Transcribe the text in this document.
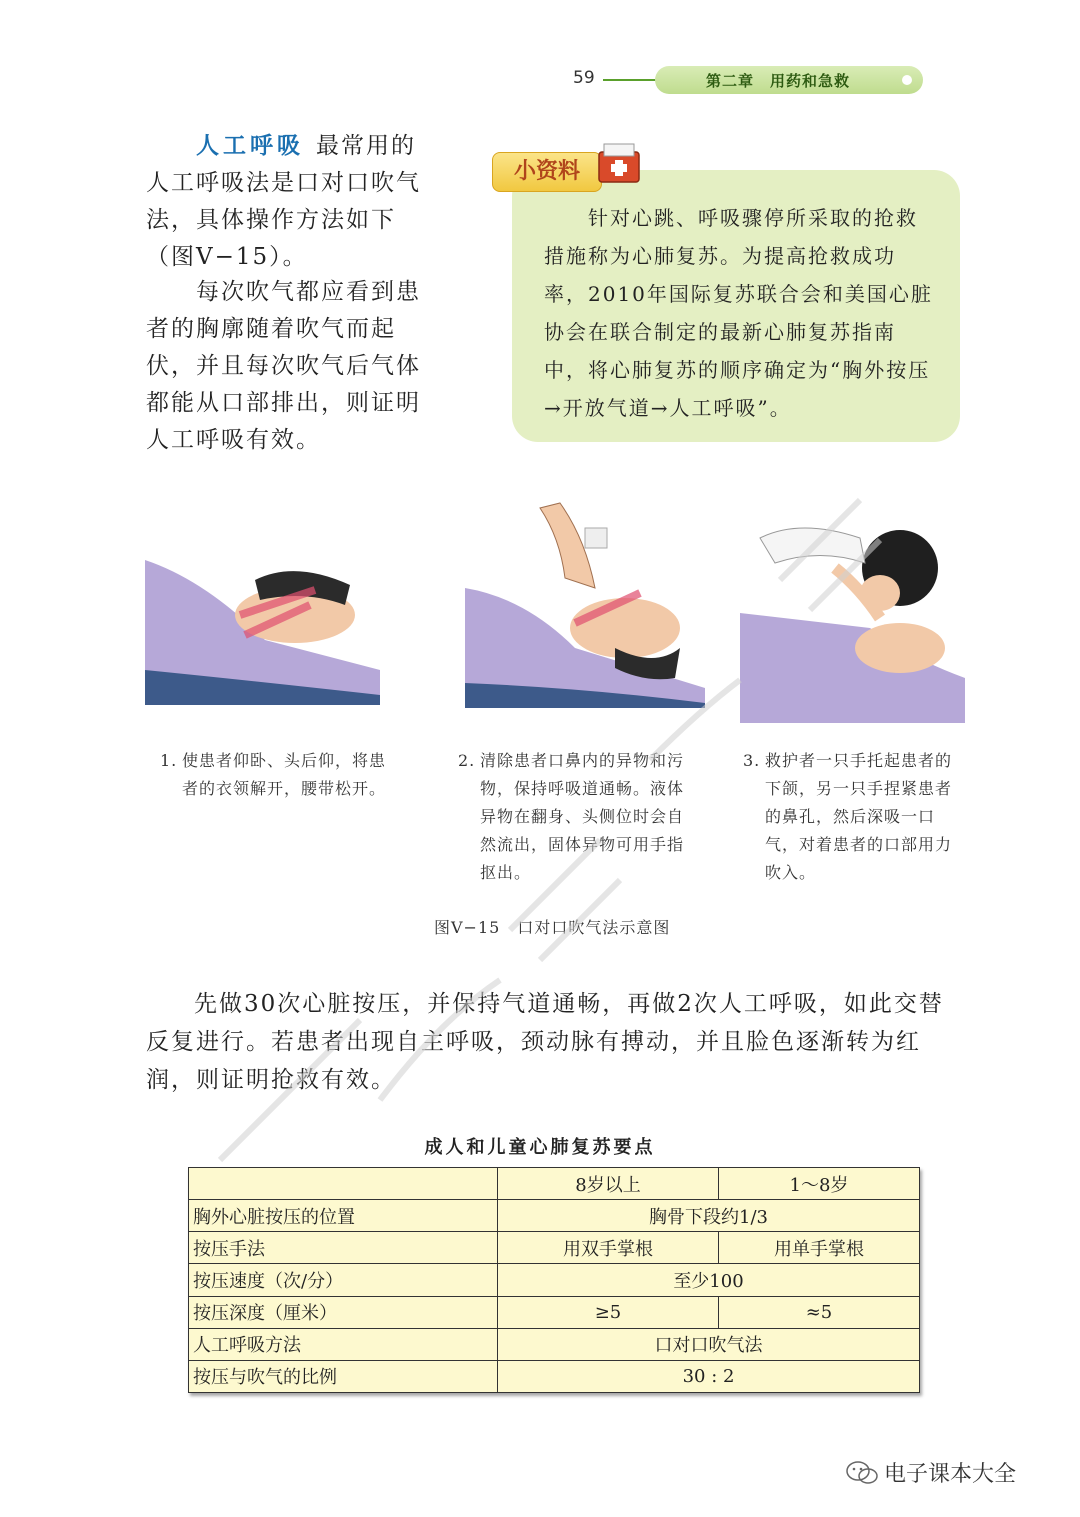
59	第二章　用药和急救
人工呼吸 最常用的人工呼吸法是口对口吹气法，具体操作方法如下（图V−15）。
每次吹气都应看到患者的胸廓随着吹气而起伏，并且每次吹气后气体都能从口部排出，则证明人工呼吸有效。
小资料
针对心跳、呼吸骤停所采取的抢救措施称为心肺复苏。为提高抢救成功率，2010年国际复苏联合会和美国心脏协会在联合制定的最新心肺复苏指南中，将心肺复苏的顺序确定为“胸外按压→开放气道→人工呼吸”。
1. 使患者仰卧、头后仰，将患者的衣领解开，腰带松开。
2. 清除患者口鼻内的异物和污物，保持呼吸道通畅。液体异物在翻身、头侧位时会自然流出，固体异物可用手指抠出。
3. 救护者一只手托起患者的下颌，另一只手捏紧患者的鼻孔，然后深吸一口气，对着患者的口部用力吹入。
图V−15　口对口吹气法示意图
先做30次心脏按压，并保持气道通畅，再做2次人工呼吸，如此交替反复进行。若患者出现自主呼吸，颈动脉有搏动，并且脸色逐渐转为红润，则证明抢救有效。
成人和儿童心肺复苏要点
	8岁以上	1～8岁
胸外心脏按压的位置	胸骨下段约1/3	
按压手法	用双手掌根	用单手掌根
按压速度（次/分）	至少100	
按压深度（厘米）	≥5	≈5
人工呼吸方法	口对口吹气法	
按压与吹气的比例	30 : 2	
电子课本大全
